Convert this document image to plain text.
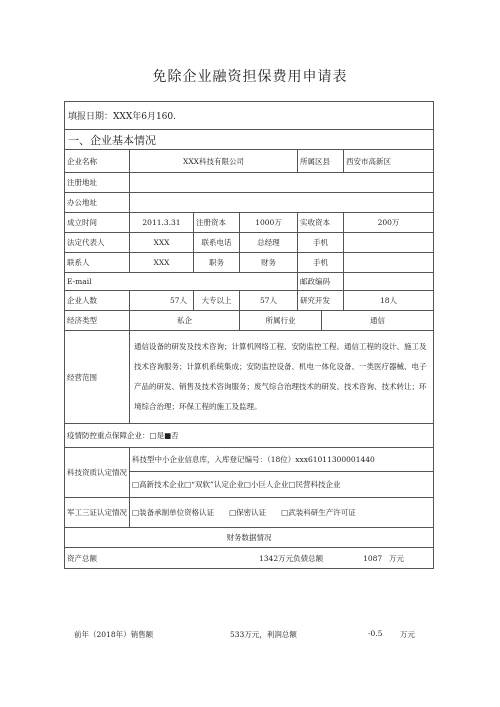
免除企业融资担保费用申请表
填报日期：XXX年6月160.
一、企业基本情况
企业名称	XXX科技有限公司	所属区县	西安市高新区
注册地址
办公地址
成立时间	2011.3.31	注册资本	1000万	实收资本	200万
法定代表人	XXX	联系电话	总经理	手机
联系人	XXX	职务	财务	手机
E-mail	邮政编码
企业人数	57人	大专以上	57人	研究开发	18人
经济类型	私企	所属行业	通信
经营范围
通信设备的研发及技术咨询；计算机网络工程、安防监控工程、通信工程的设计、施工及技术咨询服务；计算机系统集成；安防监控设备、机电一体化设备、一类医疗器械、电子产品的研发、销售及技术咨询服务；废气综合治理技术的研发、技术咨询、技术转让；环境综合治理；环保工程的施工及监理。
疫情防控重点保障企业：□是■否
科技资质认定情况
科技型中小企业信息库，入库登记编号：（18位）xxx61011300001440
□高新技术企业□“双软”认定企业□小巨人企业□民营科技企业
军工三证认定情况 □装备承制单位资格认证　　□保密认证　　□武装科研生产许可证
财务数据情况
资产总额	1342 万元负债总额	1087 万元
前年（2018年）销售额	533万元，利润总额	-0.5 万元
